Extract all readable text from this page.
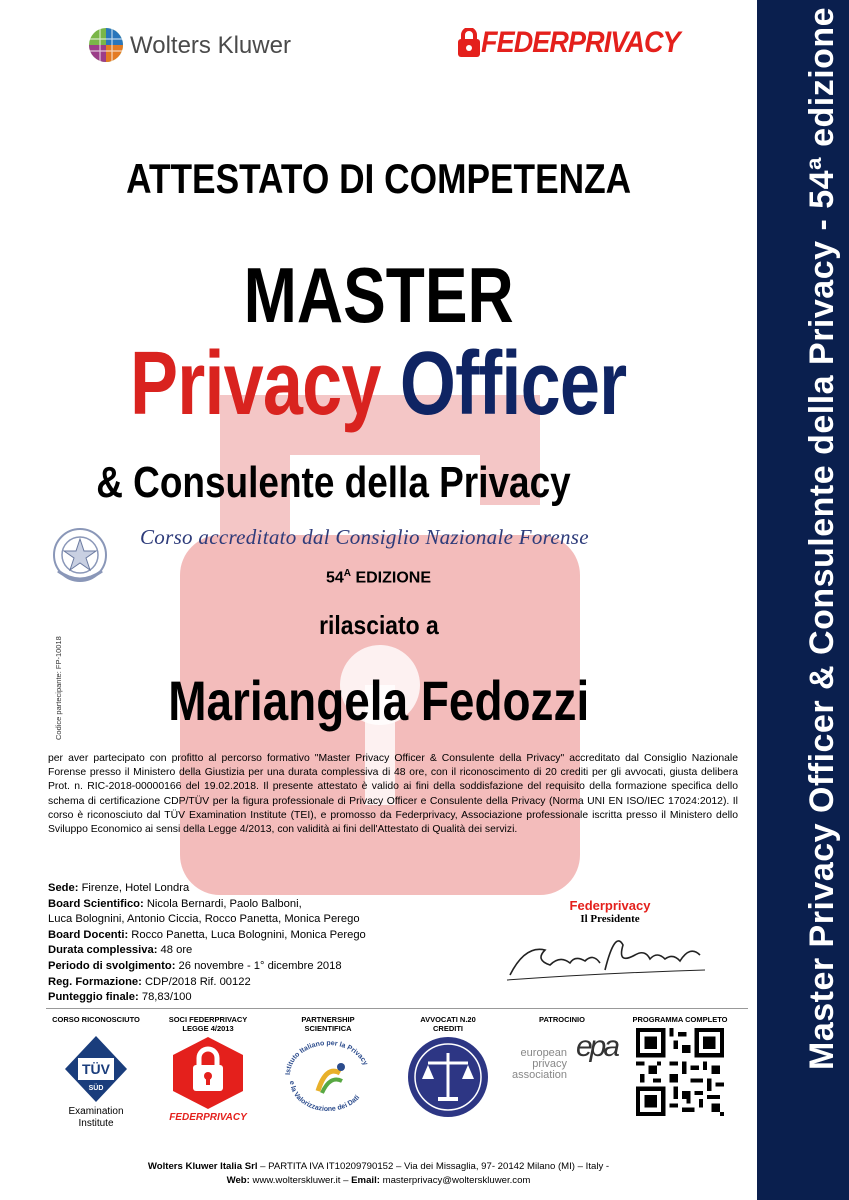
Master Privacy Officer & Consulente della Privacy - 54ª edizione
Wolters Kluwer	FEDERPRIVACY
ATTESTATO DI COMPETENZA
MASTER
Privacy Officer
& Consulente della Privacy
Corso accreditato dal Consiglio Nazionale Forense
$54^A$ EDIZIONE
rilasciato a
Mariangela Fedozzi
Codice partecipante: FP-10018
per aver partecipato con profitto al percorso formativo "Master Privacy Officer & Consulente della Privacy" accreditato dal Consiglio Nazionale Forense presso il Ministero della Giustizia per una durata complessiva di 48 ore, con il riconoscimento di 20 crediti per gli avvocati, giusta delibera Prot. n. RIC-2018-00000166 del 19.02.2018. Il presente attestato è valido ai fini della soddisfazione del requisito della formazione specifica dello schema di certificazione CDP/TÜV per la figura professionale di Privacy Officer e Consulente della Privacy (Norma UNI EN ISO/IEC 17024:2012). Il corso è riconosciuto dal TÜV Examination Institute (TEI), e promosso da Federprivacy, Associazione professionale iscritta presso il Ministero dello Sviluppo Economico ai sensi della Legge 4/2013, con validità ai fini dell'Attestato di Qualità dei servizi.
Sede: Firenze, Hotel Londra
Board Scientifico: Nicola Bernardi, Paolo Balboni,
Luca Bolognini, Antonio Ciccia, Rocco Panetta, Monica Perego
Board Docenti: Rocco Panetta, Luca Bolognini, Monica Perego
Durata complessiva: 48 ore
Periodo di svolgimento: 26 novembre - 1° dicembre 2018
Reg. Formazione: CDP/2018 Rif. 00122
Punteggio finale: 78,83/100
Federprivacy
Il Presidente
CORSO RICONOSCIUTO
TÜV
SÜD
Examination
Institute
SOCI FEDERPRIVACY LEGGE 4/2013
FEDERPRIVACY
PARTNERSHIP SCIENTIFICA
Istituto Italiano per la Privacy
e la Valorizzazione dei Dati
AVVOCATI N.20 CREDITI
PATROCINIO
european
privacy
association
epa
PROGRAMMA COMPLETO
Wolters Kluwer Italia Srl – PARTITA IVA IT10209790152 – Via dei Missaglia, 97- 20142 Milano (MI) – Italy -
Web: www.wolterskluwer.it – Email: masterprivacy@wolterskluwer.com
